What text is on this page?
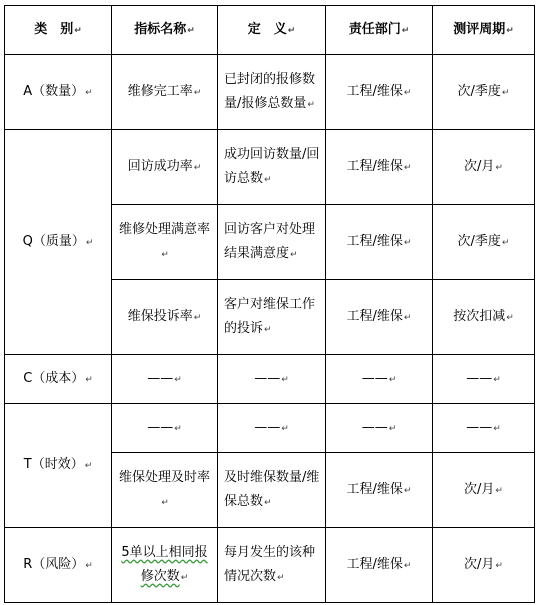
类　别↵	指标名称↵	定　义↵	责任部门↵	测评周期↵
A（数量）↵	维修完工率↵	已封闭的报修数量/报修总数量↵	工程/维保↵	次/季度↵
Q（质量）↵	回访成功率↵	成功回访数量/回访总数↵	工程/维保↵	次/月↵
	维修处理满意率↵	回访客户对处理结果满意度↵	工程/维保↵	次/季度↵
	维保投诉率↵	客户对维保工作的投诉↵	工程/维保↵	按次扣减↵
C（成本）↵	——↵	——↵	——↵	——↵
T（时效）↵	——↵	——↵	——↵	——↵
	维保处理及时率↵	及时维保数量/维保总数↵	工程/维保↵	次/月↵
R（风险）↵	5单以上相同报修次数↵	每月发生的该种情况次数↵	工程/维保↵	次/月↵
